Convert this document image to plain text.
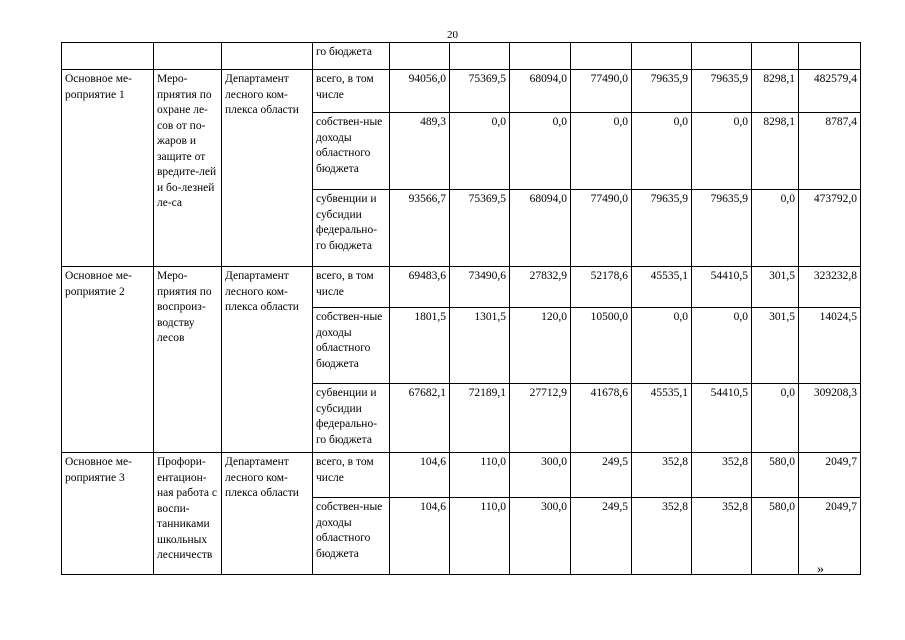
20
			го бюджета								
Основное ме-роприятие 1	Меро-приятия по охране ле-сов от по-жаров и защите от вредите-лей и бо-лезней ле-са	Департамент лесного ком-плекса области	всего, в том числе	94056,0	75369,5	68094,0	77490,0	79635,9	79635,9	8298,1	482579,4
			собствен-ные доходы областного бюджета	489,3	0,0	0,0	0,0	0,0	0,0	8298,1	8787,4
			субвенции и субсидии федерально-го бюджета	93566,7	75369,5	68094,0	77490,0	79635,9	79635,9	0,0	473792,0
Основное ме-роприятие 2	Меро-приятия по воспроиз-водству лесов	Департамент лесного ком-плекса области	всего, в том числе	69483,6	73490,6	27832,9	52178,6	45535,1	54410,5	301,5	323232,8
			собствен-ные доходы областного бюджета	1801,5	1301,5	120,0	10500,0	0,0	0,0	301,5	14024,5
			субвенции и субсидии федерально-го бюджета	67682,1	72189,1	27712,9	41678,6	45535,1	54410,5	0,0	309208,3
Основное ме-роприятие 3	Профори-ентацион-ная работа с воспи-танниками школьных лесничеств	Департамент лесного ком-плекса области	всего, в том числе	104,6	110,0	300,0	249,5	352,8	352,8	580,0	2049,7
			собствен-ные доходы областного бюджета	104,6	110,0	300,0	249,5	352,8	352,8	580,0	2049,7
»
